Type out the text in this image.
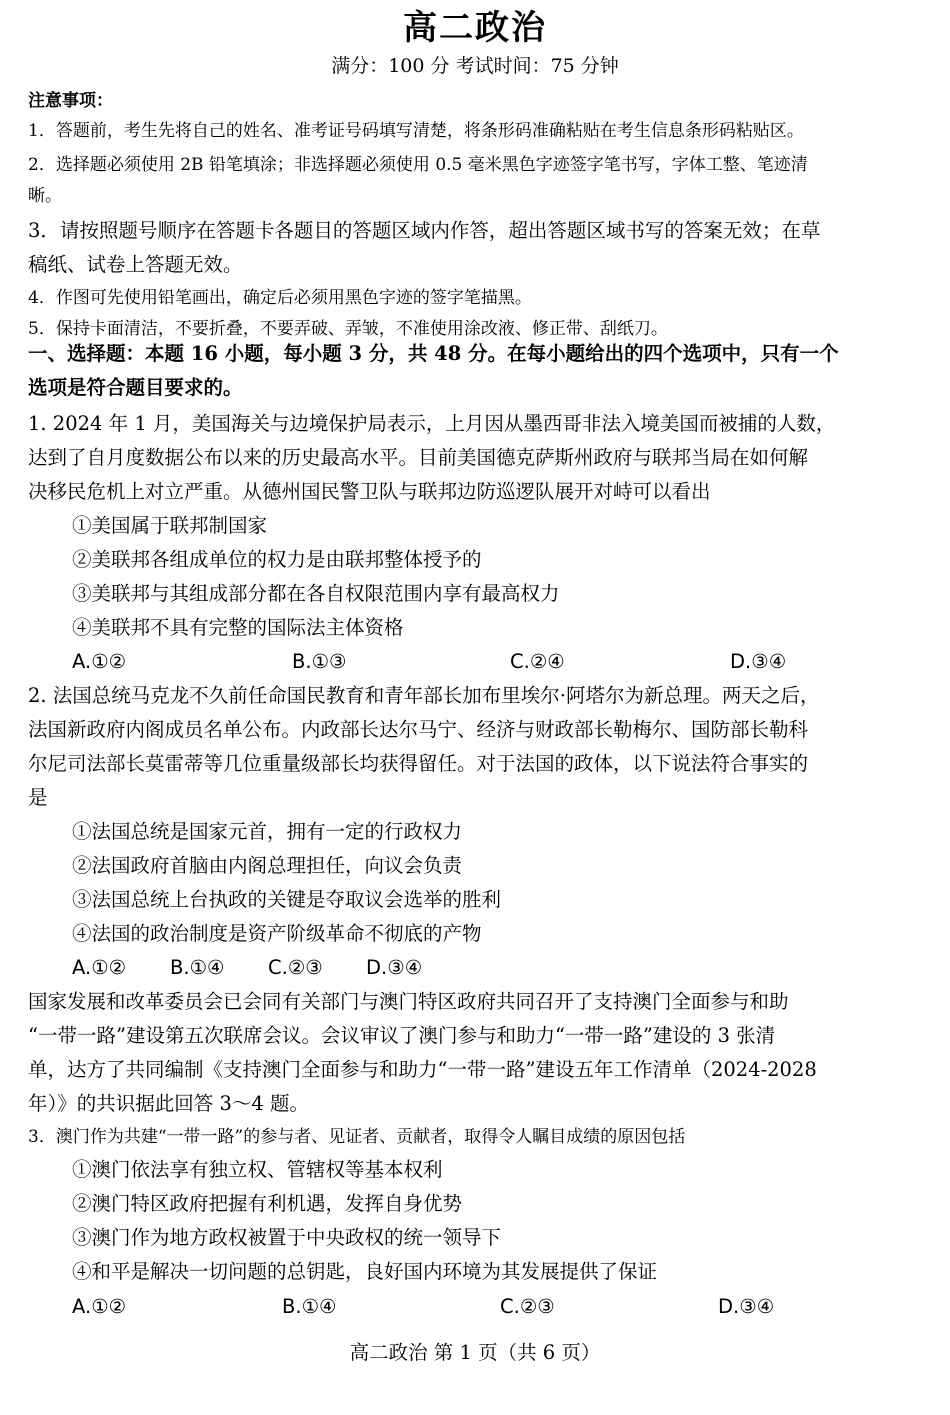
高二政治
满分：100 分 考试时间：75 分钟
注意事项：
1．答题前，考生先将自己的姓名、准考证号码填写清楚，将条形码准确粘贴在考生信息条形码粘贴区。
2．选择题必须使用 2B 铅笔填涂；非选择题必须使用 0.5 毫米黑色字迹签字笔书写，字体工整、笔迹清
晰。
3．请按照题号顺序在答题卡各题目的答题区域内作答，超出答题区域书写的答案无效；在草
稿纸、试卷上答题无效。
4．作图可先使用铅笔画出，确定后必须用黑色字迹的签字笔描黑。
5．保持卡面清洁，不要折叠，不要弄破、弄皱，不准使用涂改液、修正带、刮纸刀。
一、选择题：本题 16 小题，每小题 3 分，共 48 分。在每小题给出的四个选项中，只有一个
选项是符合题目要求的。
1. 2024 年 1 月，美国海关与边境保护局表示，上月因从墨西哥非法入境美国而被捕的人数，
达到了自月度数据公布以来的历史最高水平。目前美国德克萨斯州政府与联邦当局在如何解
决移民危机上对立严重。从德州国民警卫队与联邦边防巡逻队展开对峙可以看出
①美国属于联邦制国家
②美联邦各组成单位的权力是由联邦整体授予的
③美联邦与其组成部分都在各自权限范围内享有最高权力
④美联邦不具有完整的国际法主体资格
A.①②	B.①③	C.②④	D.③④
2. 法国总统马克龙不久前任命国民教育和青年部长加布里埃尔·阿塔尔为新总理。两天之后，
法国新政府内阁成员名单公布。内政部长达尔马宁、经济与财政部长勒梅尔、国防部长勒科
尔尼司法部长莫雷蒂等几位重量级部长均获得留任。对于法国的政体，以下说法符合事实的
是
①法国总统是国家元首，拥有一定的行政权力
②法国政府首脑由内阁总理担任，向议会负责
③法国总统上台执政的关键是夺取议会选举的胜利
④法国的政治制度是资产阶级革命不彻底的产物
A.①② B.①④ C.②③ D.③④
国家发展和改革委员会已会同有关部门与澳门特区政府共同召开了支持澳门全面参与和助
“一带一路”建设第五次联席会议。会议审议了澳门参与和助力“一带一路”建设的 3 张清
单，达方了共同编制《支持澳门全面参与和助力“一带一路”建设五年工作清单（2024-2028
年）》的共识据此回答 3～4 题。
3．澳门作为共建“一带一路”的参与者、见证者、贡献者，取得令人瞩目成绩的原因包括
①澳门依法享有独立权、管辖权等基本权利
②澳门特区政府把握有利机遇，发挥自身优势
③澳门作为地方政权被置于中央政权的统一领导下
④和平是解决一切问题的总钥匙，良好国内环境为其发展提供了保证
A.①②	B.①④	C.②③	D.③④
高二政治 第 1 页（共 6 页）
